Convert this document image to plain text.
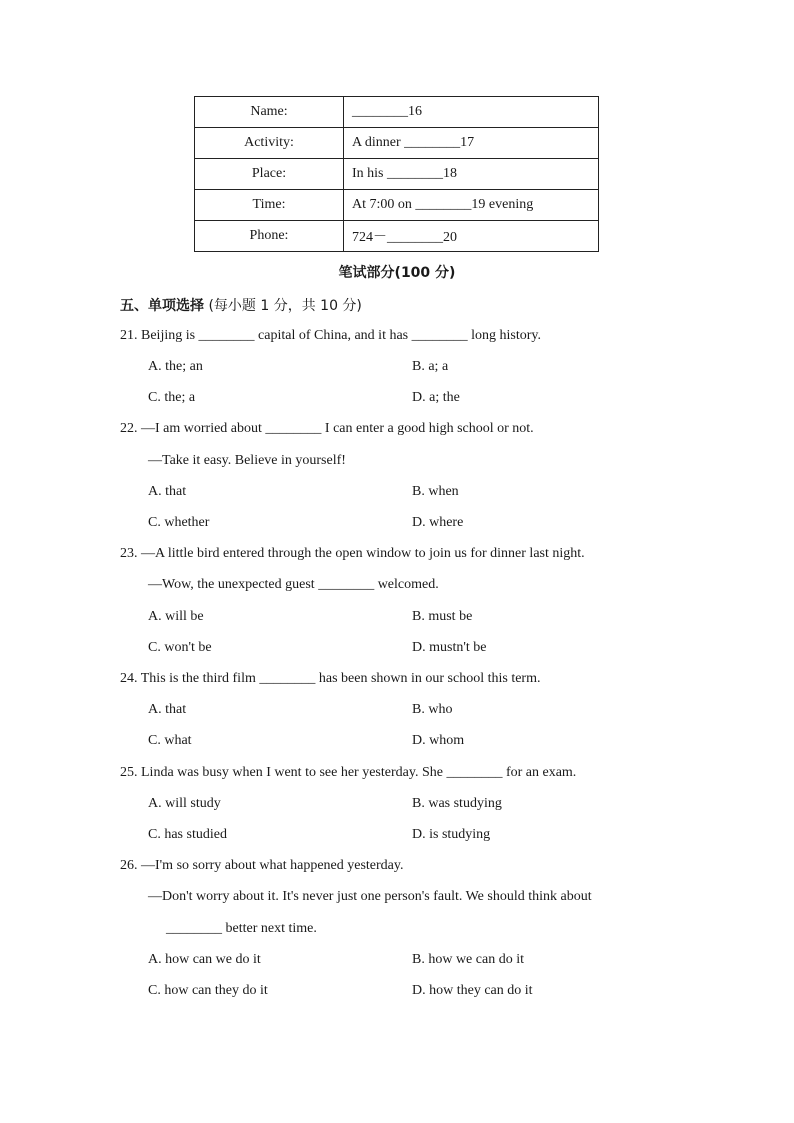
Name:	________16
Activity:	A dinner ________17
Place:	In his ________18
Time:	At 7:00 on ________19 evening
Phone:	724－________20
笔试部分(100 分)
五、单项选择 (每小题 1 分，共 10 分)
21. Beijing is ________ capital of China, and it has ________ long history.
A. the; an	B. a; a
C. the; a	D. a; the
22. —I am worried about ________ I can enter a good high school or not.
—Take it easy. Believe in yourself!
A. that	B. when
C. whether	D. where
23. —A little bird entered through the open window to join us for dinner last night.
—Wow, the unexpected guest ________ welcomed.
A. will be	B. must be
C. won't be	D. mustn't be
24. This is the third film ________ has been shown in our school this term.
A. that	B. who
C. what	D. whom
25. Linda was busy when I went to see her yesterday. She ________ for an exam.
A. will study	B. was studying
C. has studied	D. is studying
26. —I'm so sorry about what happened yesterday.
—Don't worry about it. It's never just one person's fault. We should think about
________ better next time.
A. how can we do it	B. how we can do it
C. how can they do it	D. how they can do it
